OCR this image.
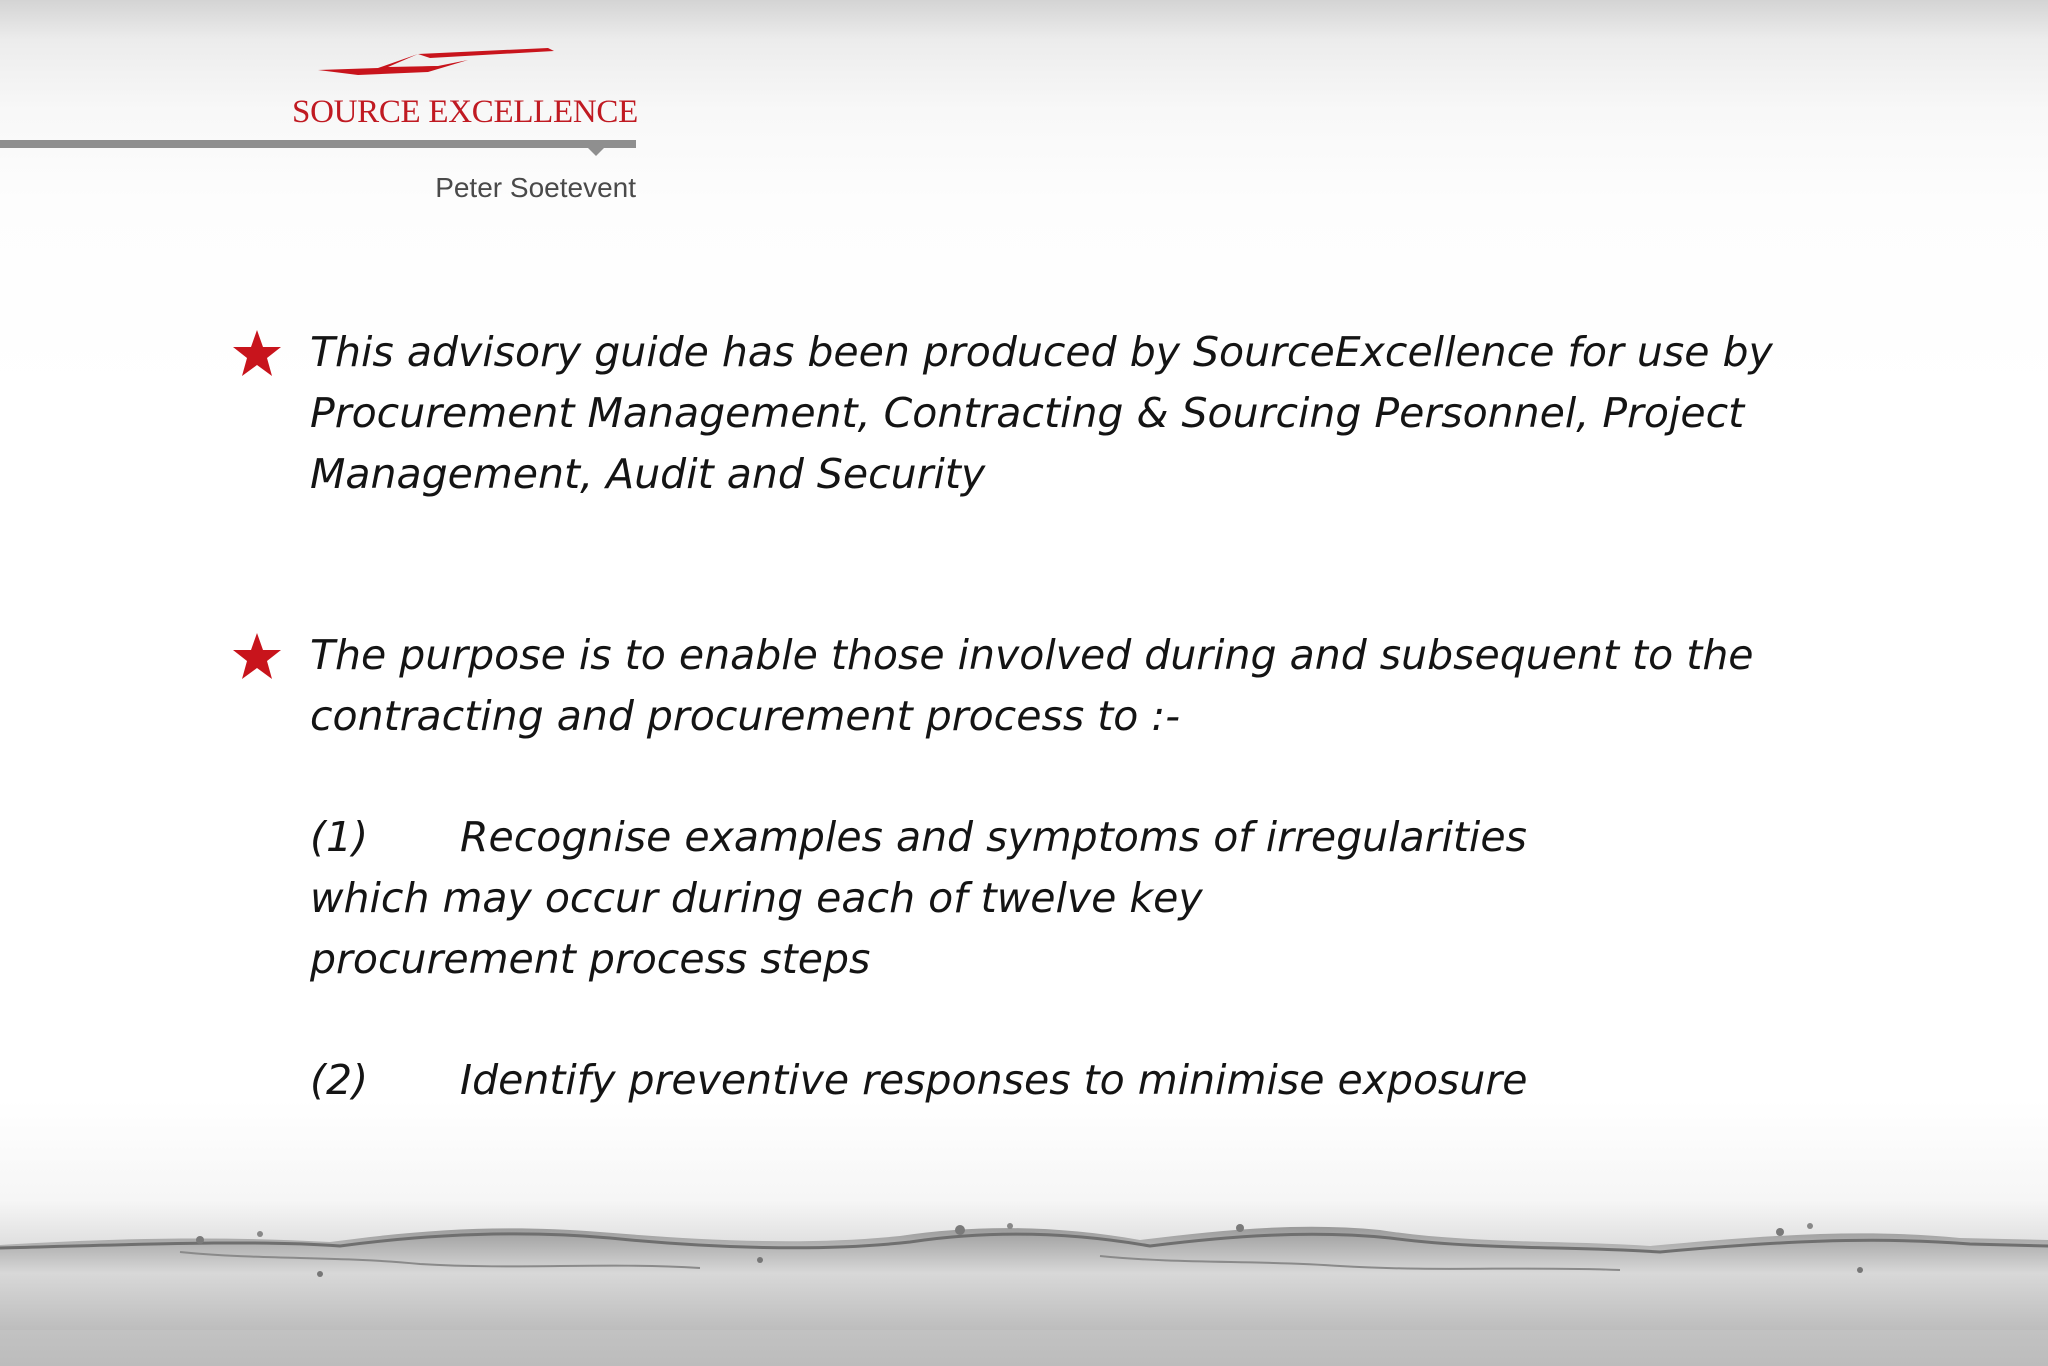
SOURCE EXCELLENCE
Peter Soetevent
This advisory guide has been produced by SourceExcellence for use by Procurement Management, Contracting & Sourcing Personnel, Project Management, Audit and Security
The purpose is to enable those involved during and subsequent to the contracting and procurement process to :-
(1) Recognise examples and symptoms of irregularities
which may occur during each of twelve key
procurement process steps
(2) Identify preventive responses to minimise exposure
